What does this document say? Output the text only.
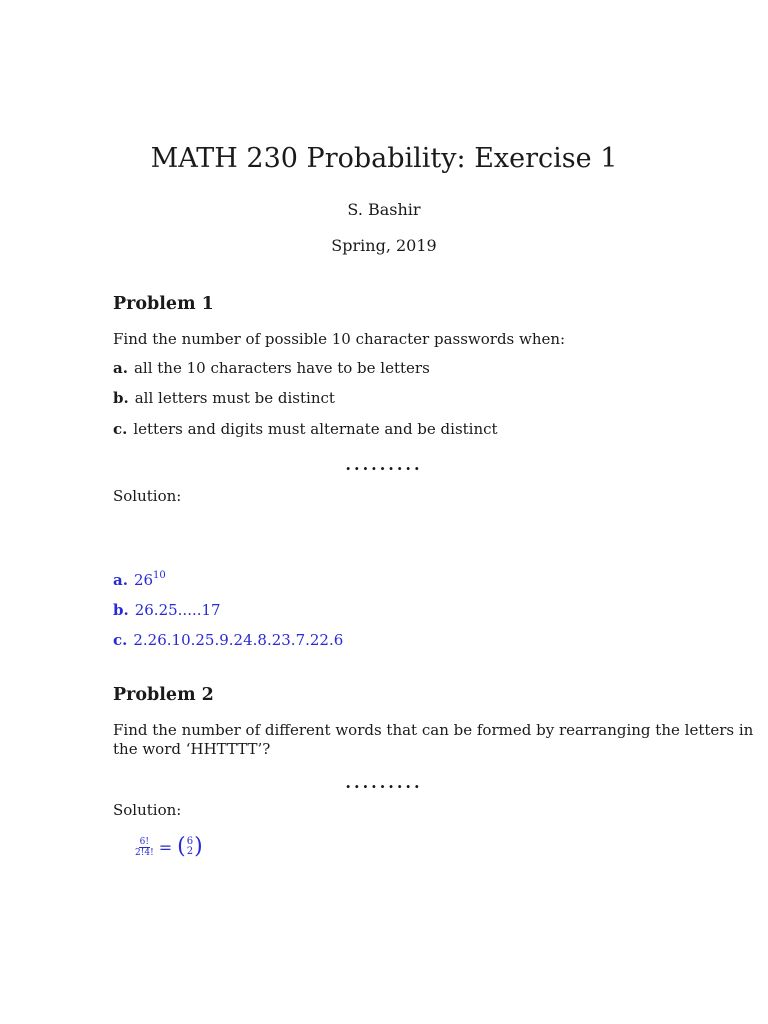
MATH 230 Probability: Exercise 1
S. Bashir
Spring, 2019
Problem 1
Find the number of possible 10 character passwords when:
a. all the 10 characters have to be letters
b. all letters must be distinct
c. letters and digits must alternate and be distinct
.........
Solution:
a. $26^{10}$
b. 26.25.....17
c. 2.26.10.25.9.24.8.23.7.22.6
Problem 2
Find the number of different words that can be formed by rearranging the letters in
the word ‘HHTTTT’?
.........
Solution:
$\frac{6!}{2!4!}$ = ( 6
2 )
